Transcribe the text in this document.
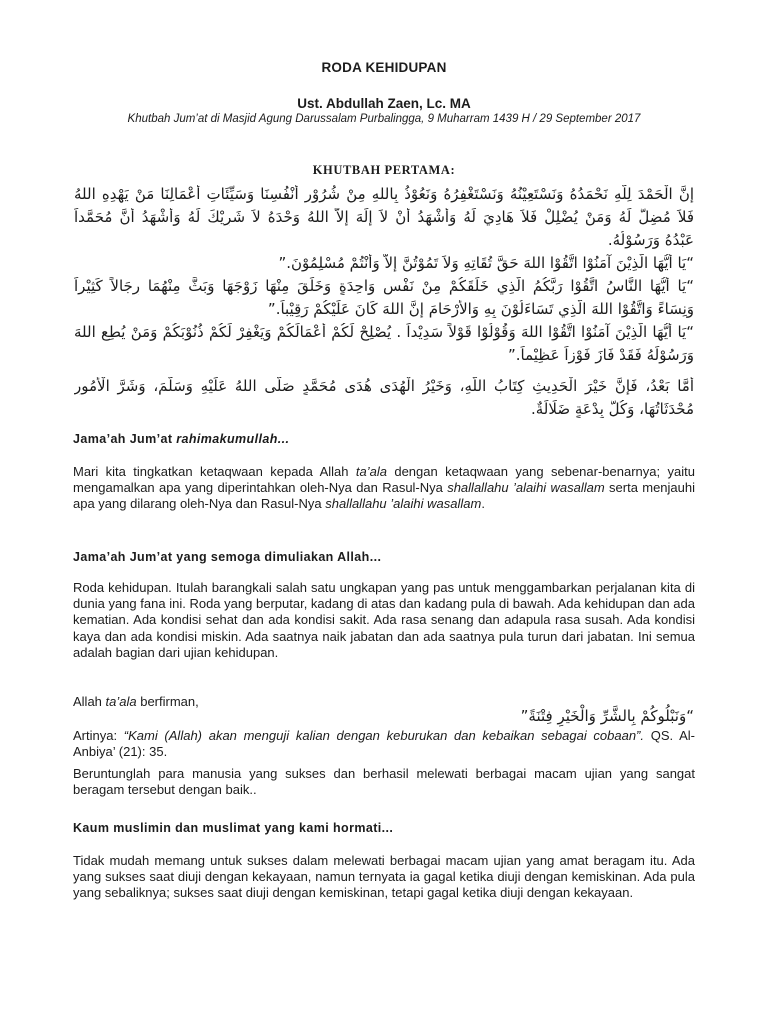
RODA KEHIDUPAN
Ust. Abdullah Zaen, Lc. MA
Khutbah Jum’at di Masjid Agung Darussalam Purbalingga, 9 Muharram 1439 H / 29 September 2017
KHUTBAH PERTAMA:
إِنَّ الْحَمْدَ لِلَّهِ نَحْمَدُهُ وَنَسْتَعِيْنُهُ وَنَسْتَغْفِرُهُ وَنَعُوْذُ بِاللهِ مِنْ شُرُوْرِ أَنْفُسِنَا وَسَيِّئَاتِ أَعْمَالِنَا مَنْ يَهْدِهِ اللهُ
فَلاَ مُضِلَّ لَهُ وَمَنْ يُضْلِلْ فَلاَ هَادِيَ لَهُ وَأَشْهَدُ أَنْ لاَ إِلَهَ إِلاَّ اللهُ وَحْدَهُ لاَ شَرِيْكَ لَهُ وَأَشْهَدُ أَنَّ مُحَمَّداً
عَبْدُهُ وَرَسُوْلُهُ.
“يَا أَيُّهَا الَّذِيْنَ آمَنُوْا اتَّقُوْا اللهَ حَقَّ تُقَاتِهِ وَلاَ تَمُوْتُنَّ إِلاَّ وَأَنْتُمْ مُسْلِمُوْنَ.”
“يَا أَيُّهَا النَّاسُ اتَّقُوْا رَبَّكُمُ الَّذِي خَلَقَكُمْ مِنْ نَفْسٍ وَاحِدَةٍ وَخَلَقَ مِنْهَا زَوْجَهَا وَبَثَّ مِنْهُمَا رِجَالاً كَثِيْراً
وَنِسَاءً وَاتَّقُوْا اللهَ الَّذِي تَسَاءَلُوْنَ بِهِ وَالأَرْحَامَ إِنَّ اللهَ كَانَ عَلَيْكُمْ رَقِيْباً.”
“يَا أَيُّهَا الَّذِيْنَ آمَنُوْا اتَّقُوْا اللهَ وَقُوْلُوْا قَوْلاً سَدِيْداً . يُصْلِحْ لَكُمْ أَعْمَالَكُمْ وَيَغْفِرْ لَكُمْ ذُنُوْبَكُمْ وَمَنْ يُطِعِ اللهَ
وَرَسُوْلَهُ فَقَدْ فَازَ فَوْزاً عَظِيْماً.”
أَمَّا بَعْدُ، فَإِنَّ خَيْرَ الْحَدِيثِ كِتَابُ اللَّهِ، وَخَيْرُ الْهُدَى هُدَى مُحَمَّدٍ صَلَّى اللهُ عَلَيْهِ وَسَلَّمَ، وَشَرَّ الْأُمُورِ
مُحْدَثَاتُهَا، وَكُلَّ بِدْعَةٍ ضَلَالَةٌ.
Jama’ah Jum’at rahimakumullah...
Mari kita tingkatkan ketaqwaan kepada Allah ta’ala dengan ketaqwaan yang sebenar-benarnya; yaitu mengamalkan apa yang diperintahkan oleh-Nya dan Rasul-Nya shallallahu ’alaihi wasallam serta menjauhi apa yang dilarang oleh-Nya dan Rasul-Nya shallallahu ’alaihi wasallam.
Jama’ah Jum’at yang semoga dimuliakan Allah...
Roda kehidupan. Itulah barangkali salah satu ungkapan yang pas untuk menggambarkan perjalanan kita di dunia yang fana ini. Roda yang berputar, kadang di atas dan kadang pula di bawah. Ada kehidupan dan ada kematian. Ada kondisi sehat dan ada kondisi sakit. Ada rasa senang dan adapula rasa susah. Ada kondisi kaya dan ada kondisi miskin. Ada saatnya naik jabatan dan ada saatnya pula turun dari jabatan. Ini semua adalah bagian dari ujian kehidupan.
Allah ta’ala berfirman,
“وَنَبْلُوكُمْ بِالشَّرِّ وَالْخَيْرِ فِتْنَةً”
Artinya: “Kami (Allah) akan menguji kalian dengan keburukan dan kebaikan sebagai cobaan”. QS. Al-Anbiya’ (21): 35.
Beruntunglah para manusia yang sukses dan berhasil melewati berbagai macam ujian yang sangat beragam tersebut dengan baik..
Kaum muslimin dan muslimat yang kami hormati...
Tidak mudah memang untuk sukses dalam melewati berbagai macam ujian yang amat beragam itu. Ada yang sukses saat diuji dengan kekayaan, namun ternyata ia gagal ketika diuji dengan kemiskinan. Ada pula yang sebaliknya; sukses saat diuji dengan kemiskinan, tetapi gagal ketika diuji dengan kekayaan.
